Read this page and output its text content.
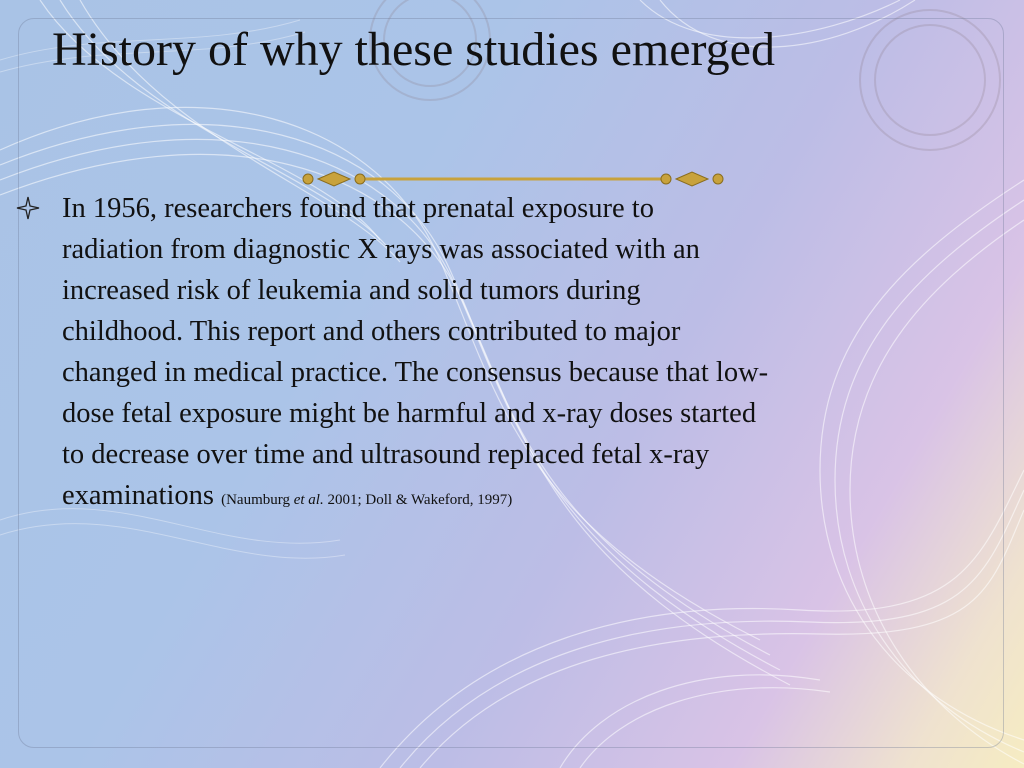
History of why these studies emerged

In 1956, researchers found that prenatal exposure to
radiation from diagnostic X rays was associated with an
increased risk of leukemia and solid tumors during
childhood. This report and others contributed to major
changed in medical practice. The consensus because that low-
dose fetal exposure might be harmful and x-ray doses started
to decrease over time and ultrasound replaced fetal x-ray
examinations (Naumburg et al. 2001; Doll & Wakeford, 1997)
